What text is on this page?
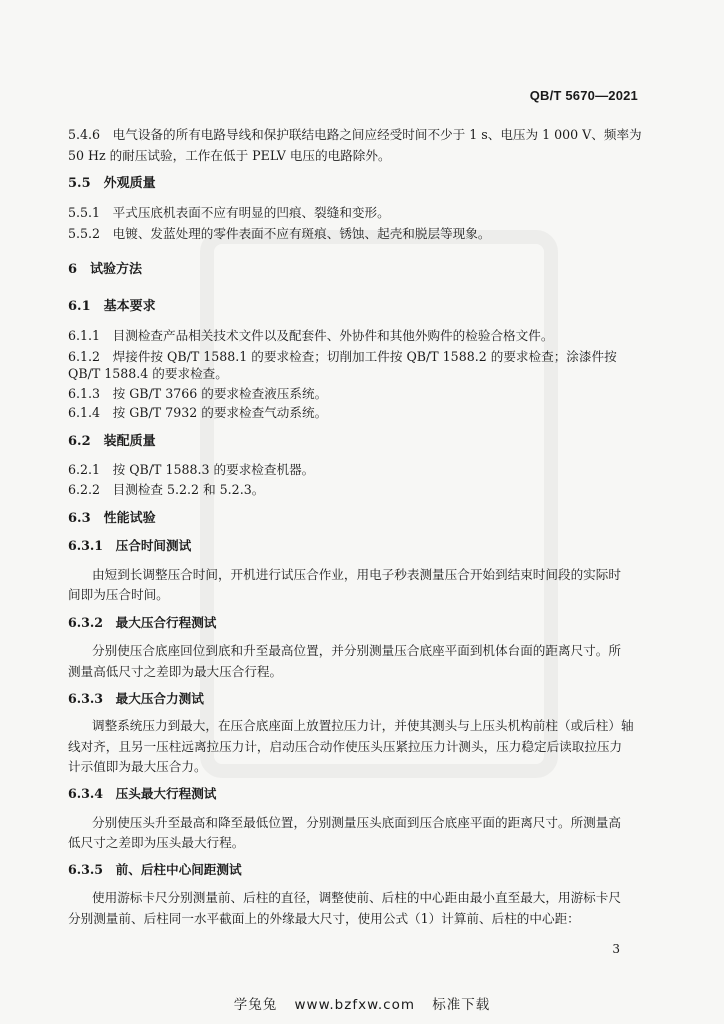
QB/T 5670—2021
5.4.6　电气设备的所有电路导线和保护联结电路之间应经受时间不少于 1 s、电压为 1 000 V、频率为
50 Hz 的耐压试验，工作在低于 PELV 电压的电路除外。
5.5　外观质量
5.5.1　平式压底机表面不应有明显的凹痕、裂缝和变形。
5.5.2　电镀、发蓝处理的零件表面不应有斑痕、锈蚀、起壳和脱层等现象。
6　试验方法
6.1　基本要求
6.1.1　目测检查产品相关技术文件以及配套件、外协件和其他外购件的检验合格文件。
6.1.2　焊接件按 QB/T 1588.1 的要求检查；切削加工件按 QB/T 1588.2 的要求检查；涂漆件按
QB/T 1588.4 的要求检查。
6.1.3　按 GB/T 3766 的要求检查液压系统。
6.1.4　按 GB/T 7932 的要求检查气动系统。
6.2　装配质量
6.2.1　按 QB/T 1588.3 的要求检查机器。
6.2.2　目测检查 5.2.2 和 5.2.3。
6.3　性能试验
6.3.1　压合时间测试
由短到长调整压合时间，开机进行试压合作业，用电子秒表测量压合开始到结束时间段的实际时
间即为压合时间。
6.3.2　最大压合行程测试
分别使压合底座回位到底和升至最高位置，并分别测量压合底座平面到机体台面的距离尺寸。所
测量高低尺寸之差即为最大压合行程。
6.3.3　最大压合力测试
调整系统压力到最大，在压合底座面上放置拉压力计，并使其测头与上压头机构前柱（或后柱）轴
线对齐，且另一压柱远离拉压力计，启动压合动作使压头压紧拉压力计测头，压力稳定后读取拉压力
计示值即为最大压合力。
6.3.4　压头最大行程测试
分别使压头升至最高和降至最低位置，分别测量压头底面到压合底座平面的距离尺寸。所测量高
低尺寸之差即为压头最大行程。
6.3.5　前、后柱中心间距测试
使用游标卡尺分别测量前、后柱的直径，调整使前、后柱的中心距由最小直至最大，用游标卡尺
分别测量前、后柱同一水平截面上的外缘最大尺寸，使用公式（1）计算前、后柱的中心距：
3
学兔兔 www.bzfxw.com 标准下载
